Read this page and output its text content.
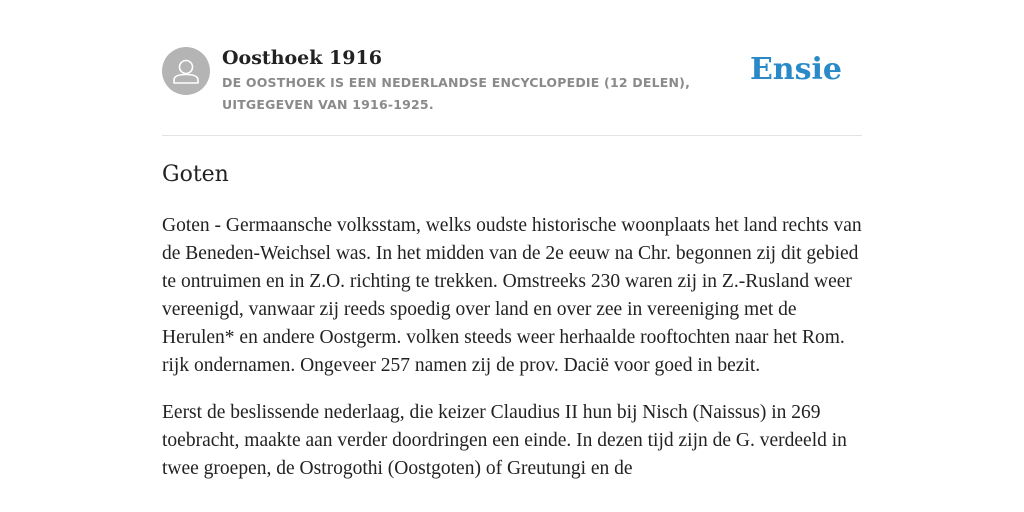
Oosthoek 1916

DE OOSTHOEK IS EEN NEDERLANDSE ENCYCLOPEDIE (12 DELEN), UITGEGEVEN VAN 1916-1925.

Ensie
Goten

Goten - Germaansche volksstam, welks oudste historische woonplaats het land rechts van de Beneden-Weichsel was. In het midden van de 2e eeuw na Chr. begonnen zij dit gebied te ontruimen en in Z.O. richting te trekken. Omstreeks 230 waren zij in Z.-Rusland weer vereenigd, vanwaar zij reeds spoedig over land en over zee in vereeniging met de Herulen* en andere Oostgerm. volken steeds weer herhaalde rooftochten naar het Rom. rijk ondernamen. Ongeveer 257 namen zij de prov. Dacië voor goed in bezit.

Eerst de beslissende nederlaag, die keizer Claudius II hun bij Nisch (Naissus) in 269 toebracht, maakte aan verder doordringen een einde. In dezen tijd zijn de G. verdeeld in twee groepen, de Ostrogothi (Oostgoten) of Greutungi en de
